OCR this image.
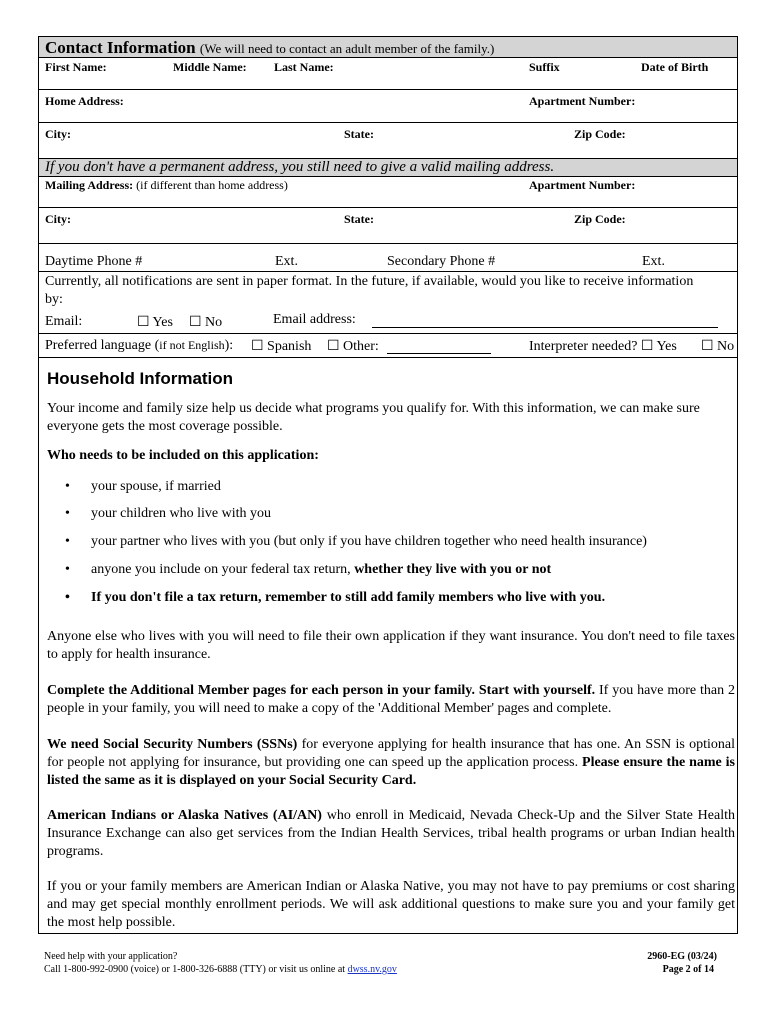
Contact Information (We will need to contact an adult member of the family.)
First Name:	Middle Name: Last Name:	Suffix	Date of Birth
Home Address:	Apartment Number:
City:	State:	Zip Code:
If you don't have a permanent address, you still need to give a valid mailing address.
Mailing Address: (if different than home address)	Apartment Number:
City:	State:	Zip Code:
Daytime Phone #	Ext.	Secondary Phone #	Ext.
Currently, all notifications are sent in paper format. In the future, if available, would you like to receive information by:
Email:	☐ Yes ☐ No	Email address:
Preferred language (if not English): ☐ Spanish ☐ Other:	Interpreter needed? ☐ Yes ☐ No
Household Information
Your income and family size help us decide what programs you qualify for. With this information, we can make sure everyone gets the most coverage possible.
Who needs to be included on this application:
• your spouse, if married
• your children who live with you
• your partner who lives with you (but only if you have children together who need health insurance)
• anyone you include on your federal tax return, whether they live with you or not
• If you don't file a tax return, remember to still add family members who live with you.
Anyone else who lives with you will need to file their own application if they want insurance. You don't need to file taxes to apply for health insurance.
Complete the Additional Member pages for each person in your family. Start with yourself. If you have more than 2 people in your family, you will need to make a copy of the 'Additional Member' pages and complete.
We need Social Security Numbers (SSNs) for everyone applying for health insurance that has one. An SSN is optional for people not applying for insurance, but providing one can speed up the application process. Please ensure the name is listed the same as it is displayed on your Social Security Card.
American Indians or Alaska Natives (AI/AN) who enroll in Medicaid, Nevada Check-Up and the Silver State Health Insurance Exchange can also get services from the Indian Health Services, tribal health programs or urban Indian health programs.
If you or your family members are American Indian or Alaska Native, you may not have to pay premiums or cost sharing and may get special monthly enrollment periods. We will ask additional questions to make sure you and your family get the most help possible.
Need help with your application?
Call 1-800-992-0900 (voice) or 1-800-326-6888 (TTY) or visit us online at dwss.nv.gov
2960-EG (03/24)
Page 2 of 14
